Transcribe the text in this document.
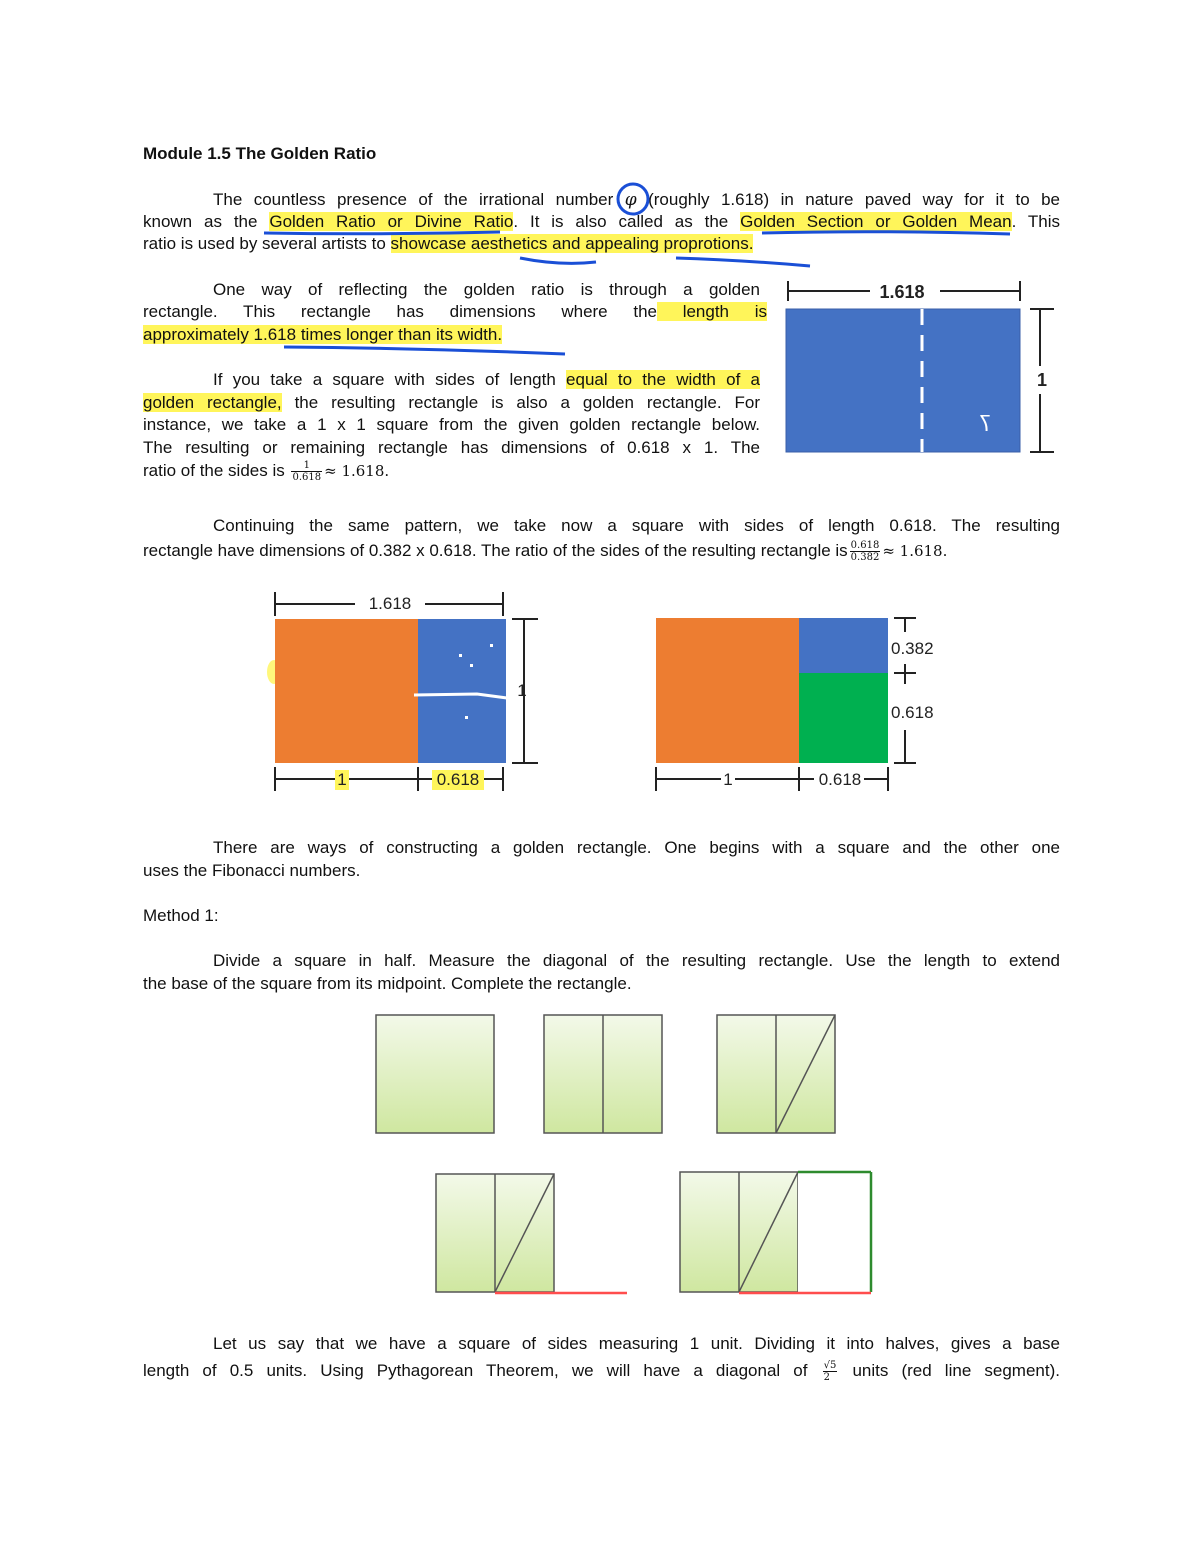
Module 1.5 The Golden Ratio

The countless presence of the irrational number φ (roughly 1.618) in nature paved way for it to be

known as the Golden Ratio or Divine Ratio. It is also called as the Golden Section or Golden Mean. This

ratio is used by several artists to showcase aesthetics and appealing proprotions.

One way of reflecting the golden ratio is through a golden

rectangle. This rectangle has dimensions where the length is

approximately 1.618 times longer than its width.

If you take a square with sides of length equal to the width of a

golden rectangle, the resulting rectangle is also a golden rectangle. For

instance, we take a 1 x 1 square from the given golden rectangle below.

The resulting or remaining rectangle has dimensions of 0.618 x 1. The

ratio of the sides is $\frac{1}{0.618} \approx 1.618$.

Continuing the same pattern, we take now a square with sides of length 0.618. The resulting

rectangle have dimensions of 0.382 x 0.618. The ratio of the sides of the resulting rectangle is $\frac{0.618}{0.382} \approx 1.618$.

1.618
ߖ
1
1.618
1
1	0.618
0.382
0.618
1	0.618

There are ways of constructing a golden rectangle. One begins with a square and the other one

uses the Fibonacci numbers.

Method 1:

Divide a square in half. Measure the diagonal of the resulting rectangle. Use the length to extend

the base of the square from its midpoint. Complete the rectangle.

Let us say that we have a square of sides measuring 1 unit. Dividing it into halves, gives a base

length of 0.5 units. Using Pythagorean Theorem, we will have a diagonal of $\frac{√5}{2}$ units (red line segment).
